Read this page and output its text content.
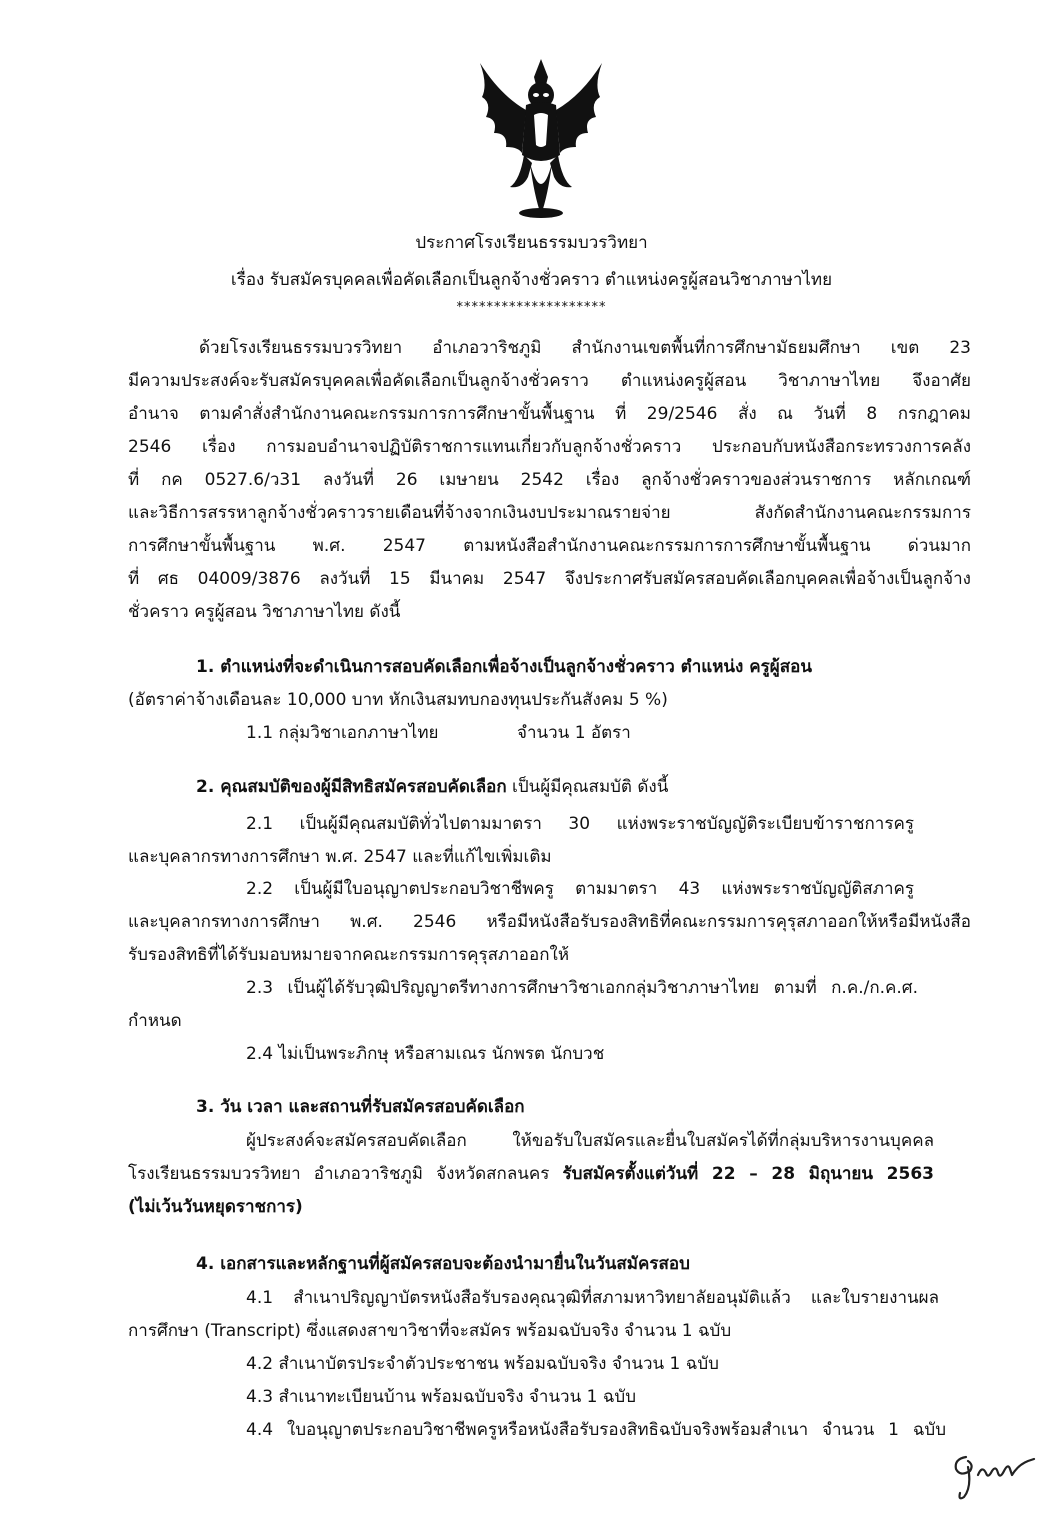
ประกาศโรงเรียนธรรมบวรวิทยา
เรื่อง รับสมัครบุคคลเพื่อคัดเลือกเป็นลูกจ้างชั่วคราว ตำแหน่งครูผู้สอนวิชาภาษาไทย
********************
ด้วยโรงเรียนธรรมบวรวิทยา อำเภอวาริชภูมิ สำนักงานเขตพื้นที่การศึกษามัธยมศึกษา เขต 23
มีความประสงค์จะรับสมัครบุคคลเพื่อคัดเลือกเป็นลูกจ้างชั่วคราว ตำแหน่งครูผู้สอน วิชาภาษาไทย จึงอาศัย
อำนาจ ตามคำสั่งสำนักงานคณะกรรมการการศึกษาขั้นพื้นฐาน ที่ 29/2546 สั่ง ณ วันที่ 8 กรกฎาคม
2546 เรื่อง การมอบอำนาจปฏิบัติราชการแทนเกี่ยวกับลูกจ้างชั่วคราว ประกอบกับหนังสือกระทรวงการคลัง
ที่ กค 0527.6/ว31 ลงวันที่ 26 เมษายน 2542 เรื่อง ลูกจ้างชั่วคราวของส่วนราชการ หลักเกณฑ์
และวิธีการสรรหาลูกจ้างชั่วคราวรายเดือนที่จ้างจากเงินงบประมาณรายจ่าย สังกัดสำนักงานคณะกรรมการ
การศึกษาขั้นพื้นฐาน พ.ศ. 2547 ตามหนังสือสำนักงานคณะกรรมการการศึกษาขั้นพื้นฐาน ด่วนมาก
ที่ ศธ 04009/3876 ลงวันที่ 15 มีนาคม 2547 จึงประกาศรับสมัครสอบคัดเลือกบุคคลเพื่อจ้างเป็นลูกจ้าง
ชั่วคราว ครูผู้สอน วิชาภาษาไทย ดังนี้
1. ตำแหน่งที่จะดำเนินการสอบคัดเลือกเพื่อจ้างเป็นลูกจ้างชั่วคราว ตำแหน่ง ครูผู้สอน
(อัตราค่าจ้างเดือนละ 10,000 บาท หักเงินสมทบกองทุนประกันสังคม 5 %)
1.1 กลุ่มวิชาเอกภาษาไทย	จำนวน 1 อัตรา
2. คุณสมบัติของผู้มีสิทธิสมัครสอบคัดเลือก เป็นผู้มีคุณสมบัติ ดังนี้
2.1 เป็นผู้มีคุณสมบัติทั่วไปตามมาตรา 30 แห่งพระราชบัญญัติระเบียบข้าราชการครู
และบุคลากรทางการศึกษา พ.ศ. 2547 และที่แก้ไขเพิ่มเติม
2.2 เป็นผู้มีใบอนุญาตประกอบวิชาชีพครู ตามมาตรา 43 แห่งพระราชบัญญัติสภาครู
และบุคลากรทางการศึกษา พ.ศ. 2546 หรือมีหนังสือรับรองสิทธิที่คณะกรรมการคุรุสภาออกให้หรือมีหนังสือ
รับรองสิทธิที่ได้รับมอบหมายจากคณะกรรมการคุรุสภาออกให้
2.3 เป็นผู้ได้รับวุฒิปริญญาตรีทางการศึกษาวิชาเอกกลุ่มวิชาภาษาไทย ตามที่ ก.ค./ก.ค.ศ.
กำหนด
2.4 ไม่เป็นพระภิกษุ หรือสามเณร นักพรต นักบวช
3. วัน เวลา และสถานที่รับสมัครสอบคัดเลือก
ผู้ประสงค์จะสมัครสอบคัดเลือก ให้ขอรับใบสมัครและยื่นใบสมัครได้ที่กลุ่มบริหารงานบุคคล
โรงเรียนธรรมบวรวิทยา อำเภอวาริชภูมิ จังหวัดสกลนคร รับสมัครตั้งแต่วันที่ 22 – 28 มิถุนายน 2563
(ไม่เว้นวันหยุดราชการ)
4. เอกสารและหลักฐานที่ผู้สมัครสอบจะต้องนำมายื่นในวันสมัครสอบ
4.1 สำเนาปริญญาบัตรหนังสือรับรองคุณวุฒิที่สภามหาวิทยาลัยอนุมัติแล้ว และใบรายงานผล
การศึกษา (Transcript) ซึ่งแสดงสาขาวิชาที่จะสมัคร พร้อมฉบับจริง จำนวน 1 ฉบับ
4.2 สำเนาบัตรประจำตัวประชาชน พร้อมฉบับจริง จำนวน 1 ฉบับ
4.3 สำเนาทะเบียนบ้าน พร้อมฉบับจริง จำนวน 1 ฉบับ
4.4 ใบอนุญาตประกอบวิชาชีพครูหรือหนังสือรับรองสิทธิฉบับจริงพร้อมสำเนา จำนวน 1 ฉบับ
